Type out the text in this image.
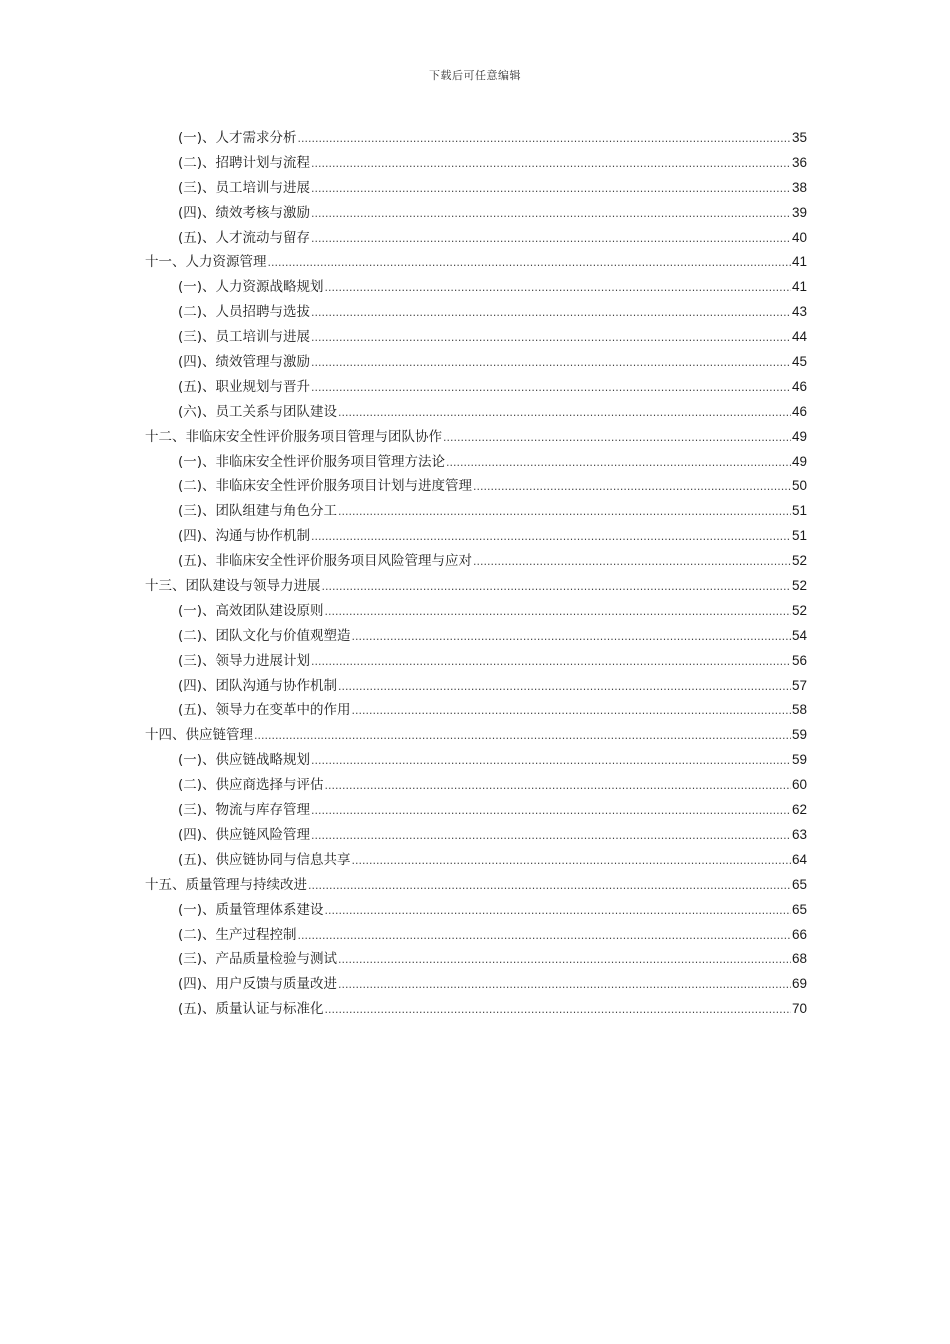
下载后可任意编辑
(一)、人才需求分析 .....	35
(二)、招聘计划与流程 .....	36
(三)、员工培训与进展 .....	38
(四)、绩效考核与激励 .....	39
(五)、人才流动与留存 .....	40
十一、人力资源管理 .....	41
(一)、人力资源战略规划 .....	41
(二)、人员招聘与选拔 .....	43
(三)、员工培训与进展 .....	44
(四)、绩效管理与激励 .....	45
(五)、职业规划与晋升 .....	46
(六)、员工关系与团队建设 .....	46
十二、非临床安全性评价服务项目管理与团队协作 .....	49
(一)、非临床安全性评价服务项目管理方法论 .....	49
(二)、非临床安全性评价服务项目计划与进度管理 .....	50
(三)、团队组建与角色分工 .....	51
(四)、沟通与协作机制 .....	51
(五)、非临床安全性评价服务项目风险管理与应对 .....	52
十三、团队建设与领导力进展 .....	52
(一)、高效团队建设原则 .....	52
(二)、团队文化与价值观塑造 .....	54
(三)、领导力进展计划 .....	56
(四)、团队沟通与协作机制 .....	57
(五)、领导力在变革中的作用 .....	58
十四、供应链管理 .....	59
(一)、供应链战略规划 .....	59
(二)、供应商选择与评估 .....	60
(三)、物流与库存管理 .....	62
(四)、供应链风险管理 .....	63
(五)、供应链协同与信息共享 .....	64
十五、质量管理与持续改进 .....	65
(一)、质量管理体系建设 .....	65
(二)、生产过程控制 .....	66
(三)、产品质量检验与测试 .....	68
(四)、用户反馈与质量改进 .....	69
(五)、质量认证与标准化 .....	70
